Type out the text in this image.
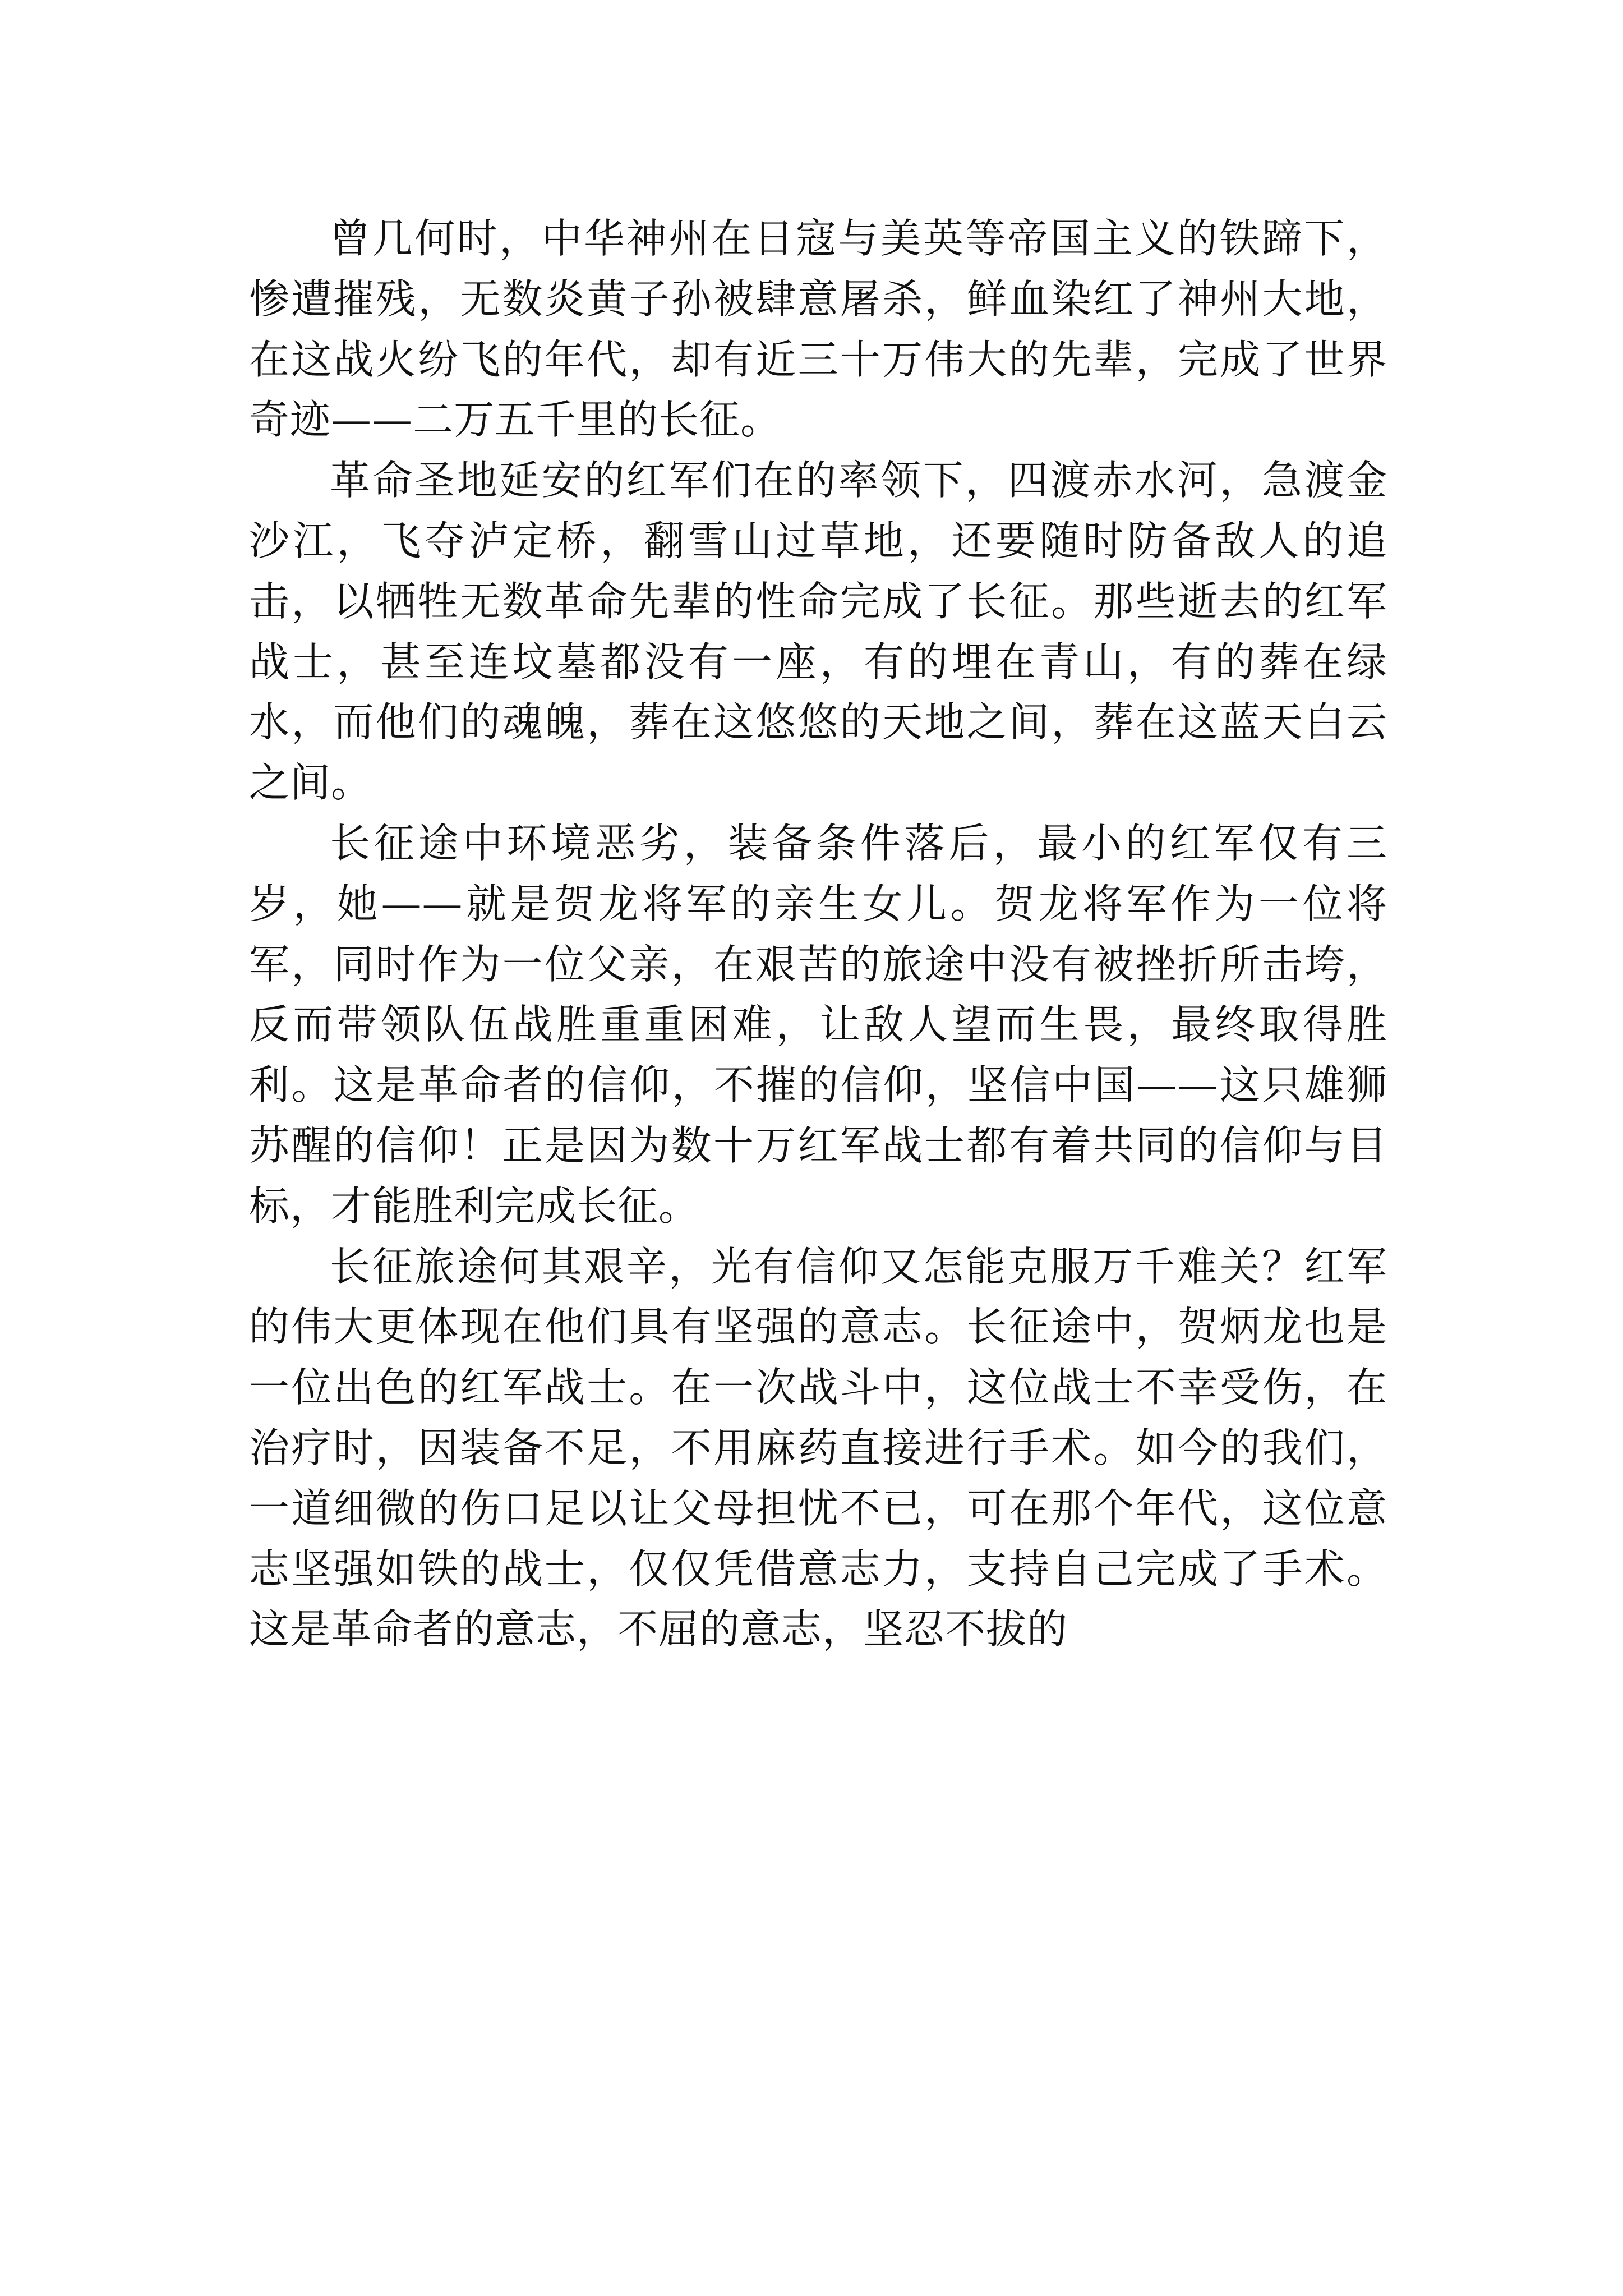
曾几何时，中华神州在日寇与美英等帝国主义的铁蹄下，惨遭摧残，无数炎黄子孙被肆意屠杀，鲜血染红了神州大地，在这战火纷飞的年代，却有近三十万伟大的先辈，完成了世界奇迹——二万五千里的长征。

革命圣地延安的红军们在的率领下，四渡赤水河，急渡金沙江，飞夺泸定桥，翻雪山过草地，还要随时防备敌人的追击，以牺牲无数革命先辈的性命完成了长征。那些逝去的红军战士，甚至连坟墓都没有一座，有的埋在青山，有的葬在绿水，而他们的魂魄，葬在这悠悠的天地之间，葬在这蓝天白云之间。

长征途中环境恶劣，装备条件落后，最小的红军仅有三岁，她——就是贺龙将军的亲生女儿。贺龙将军作为一位将军，同时作为一位父亲，在艰苦的旅途中没有被挫折所击垮，反而带领队伍战胜重重困难，让敌人望而生畏，最终取得胜利。这是革命者的信仰，不摧的信仰，坚信中国——这只雄狮苏醒的信仰！正是因为数十万红军战士都有着共同的信仰与目标，才能胜利完成长征。

长征旅途何其艰辛，光有信仰又怎能克服万千难关？红军的伟大更体现在他们具有坚强的意志。长征途中，贺炳龙也是一位出色的红军战士。在一次战斗中，这位战士不幸受伤，在治疗时，因装备不足，不用麻药直接进行手术。如今的我们，一道细微的伤口足以让父母担忧不已，可在那个年代，这位意志坚强如铁的战士，仅仅凭借意志力，支持自己完成了手术。这是革命者的意志，不屈的意志，坚忍不拔的
